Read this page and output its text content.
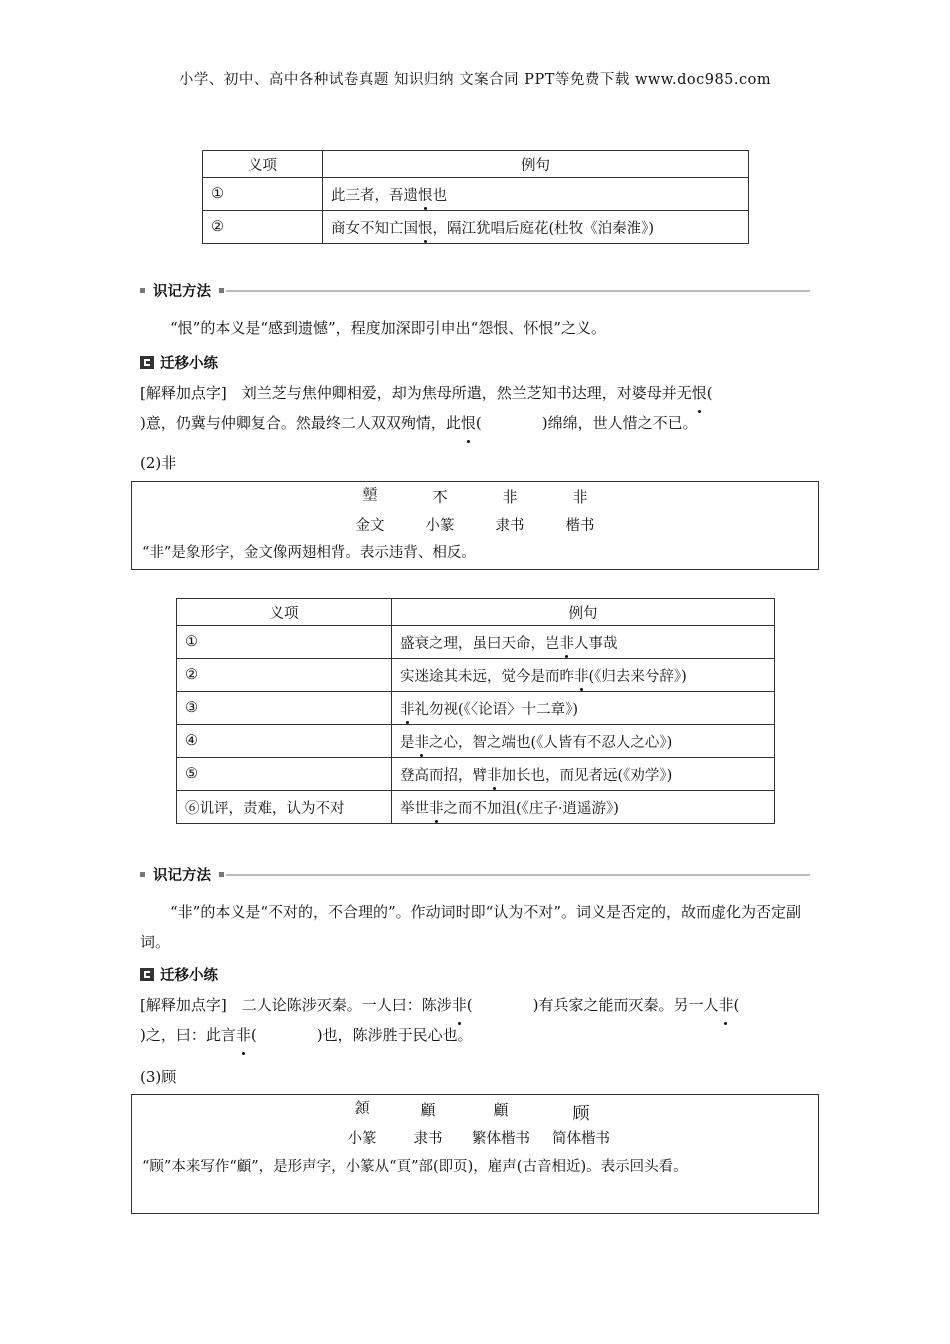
小学、初中、高中各种试卷真题 知识归纳 文案合同 PPT等免费下载 www.doc985.com
义项	例句
①	此三者，吾遗恨也
②	商女不知亡国恨，隔江犹唱后庭花(杜牧《泊秦淮》)
识记方法
“恨”的本义是“感到遗憾”，程度加深即引申出“怨恨、怀恨”之义。
迁移小练
[解释加点字]　刘兰芝与焦仲卿相爱，却为焦母所遣，然兰芝知书达理，对婆母并无恨(
)意，仍冀与仲卿复合。然最终二人双双殉情，此恨(　　　　)绵绵，世人惜之不已。
(2)非
𡔕	𣎴	非	非
金文	小篆	隶书	楷书
“非”是象形字，金文像两翅相背。表示违背、相反。
义项	例句
①	盛衰之理，虽曰天命，岂非人事哉
②	实迷途其未远，觉今是而昨非(《归去来兮辞》)
③	非礼勿视(《〈论语〉十二章》)
④	是非之心，智之端也(《人皆有不忍人之心》)
⑤	登高而招，臂非加长也，而见者远(《劝学》)
⑥讥评，责难，认为不对	举世非之而不加沮(《庄子·逍遥游》)
识记方法
“非”的本义是“不对的，不合理的”。作动词时即“认为不对”。词义是否定的，故而虚化为否定副词。
迁移小练
[解释加点字]　二人论陈涉灭秦。一人曰：陈涉非(　　　　)有兵家之能而灭秦。另一人非(
)之，曰：此言非(　　　　)也，陈涉胜于民心也。
(3)顾
𩔝	顧	顧	顾
小篆	隶书	繁体楷书	简体楷书
“顾”本来写作“顧”，是形声字，小篆从“頁”部(即页)，雇声(古音相近)。表示回头看。
